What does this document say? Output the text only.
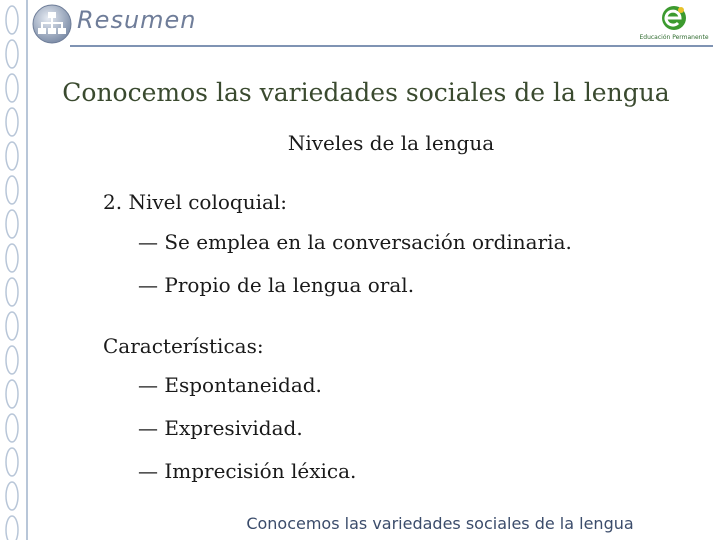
Resumen
Educación Permanente
Conocemos las variedades sociales de la lengua
Niveles de la lengua
2. Nivel coloquial:
— Se emplea en la conversación ordinaria.
— Propio de la lengua oral.
Características:
— Espontaneidad.
— Expresividad.
— Imprecisión léxica.
Conocemos las variedades sociales de la lengua
